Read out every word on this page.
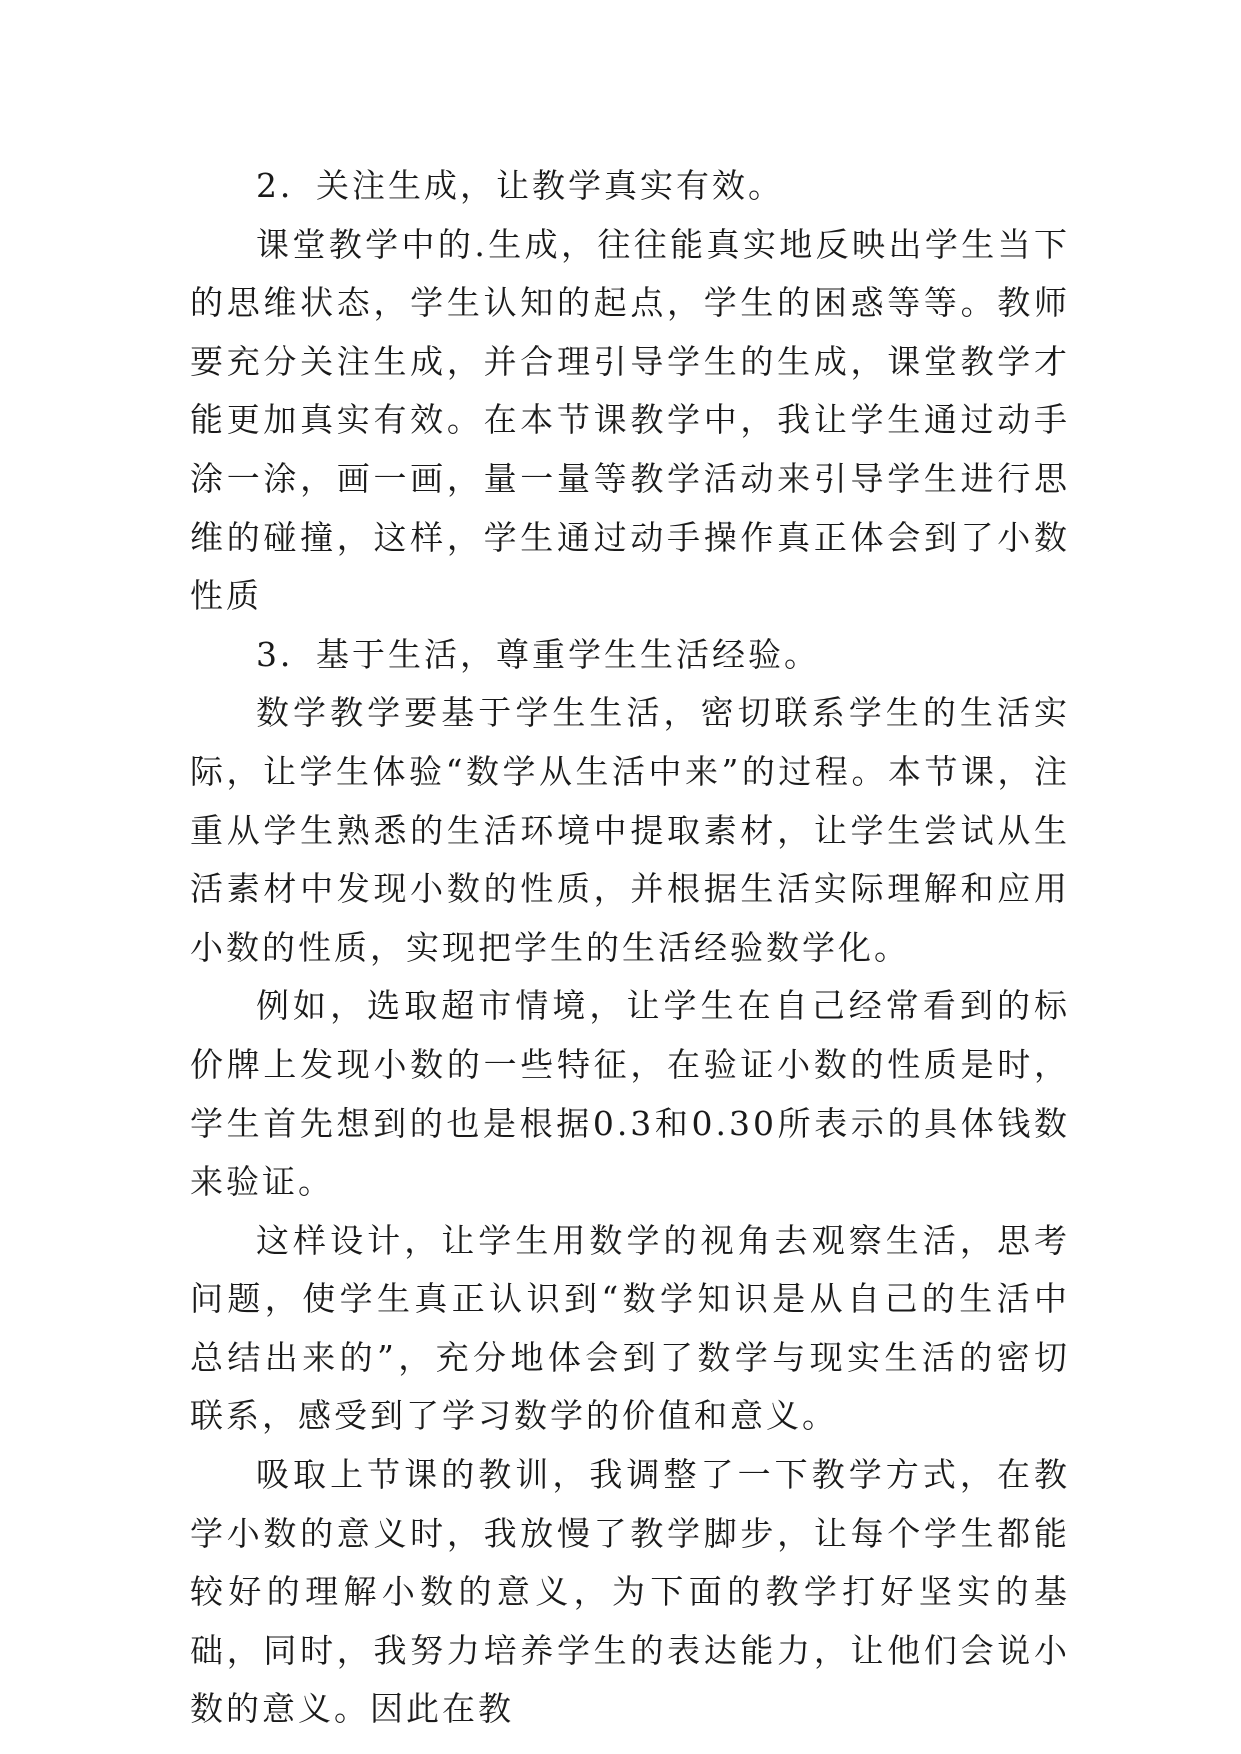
2．关注生成，让教学真实有效。

课堂教学中的.生成，往往能真实地反映出学生当下的思维状态，学生认知的起点，学生的困惑等等。教师要充分关注生成，并合理引导学生的生成，课堂教学才能更加真实有效。在本节课教学中，我让学生通过动手涂一涂，画一画，量一量等教学活动来引导学生进行思维的碰撞，这样，学生通过动手操作真正体会到了小数性质

3．基于生活，尊重学生生活经验。

数学教学要基于学生生活，密切联系学生的生活实际，让学生体验“数学从生活中来”的过程。本节课，注重从学生熟悉的生活环境中提取素材，让学生尝试从生活素材中发现小数的性质，并根据生活实际理解和应用小数的性质，实现把学生的生活经验数学化。

例如，选取超市情境，让学生在自己经常看到的标价牌上发现小数的一些特征，在验证小数的性质是时，学生首先想到的也是根据0.3和0.30所表示的具体钱数来验证。

这样设计，让学生用数学的视角去观察生活，思考问题，使学生真正认识到“数学知识是从自己的生活中总结出来的”，充分地体会到了数学与现实生活的密切联系，感受到了学习数学的价值和意义。

吸取上节课的教训，我调整了一下教学方式，在教学小数的意义时，我放慢了教学脚步，让每个学生都能较好的理解小数的意义，为下面的教学打好坚实的基础，同时，我努力培养学生的表达能力，让他们会说小数的意义。因此在教
